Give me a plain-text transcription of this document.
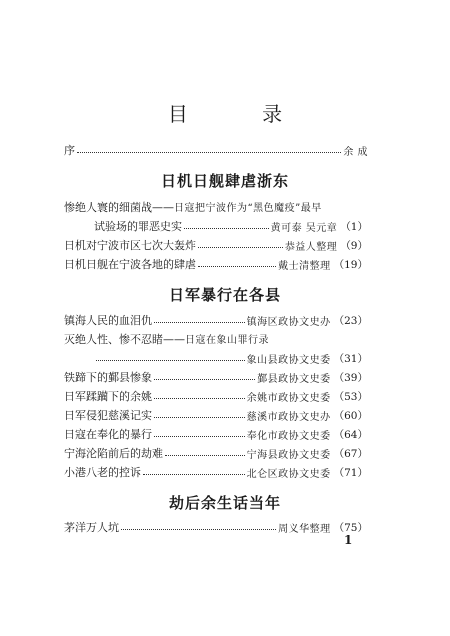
目 录
序	余 成
日机日舰肆虐浙东
惨绝人寰的细菌战——日寇把宁波作为“黑色魔疫”最早
试验场的罪恶史实	黄可泰 吴元章 （1）
日机对宁波市区七次大轰炸	恭益人整理 （9）
日机日舰在宁波各地的肆虐	戴士清整理 （19）
日军暴行在各县
镇海人民的血泪仇	镇海区政协文史办 （23）
灭绝人性、惨不忍睹——日寇在象山罪行录
象山县政协文史委 （31）
铁蹄下的鄞县惨象	鄞县政协文史委 （39）
日军蹂躏下的余姚	余姚市政协文史委 （53）
日军侵犯慈溪记实	慈溪市政协文史办 （60）
日寇在奉化的暴行	奉化市政协文史委 （64）
宁海沦陷前后的劫难	宁海县政协文史委 （67）
小港八老的控诉	北仑区政协文史委 （71）
劫后余生话当年
茅洋万人坑	周义华整理 （75）
1
